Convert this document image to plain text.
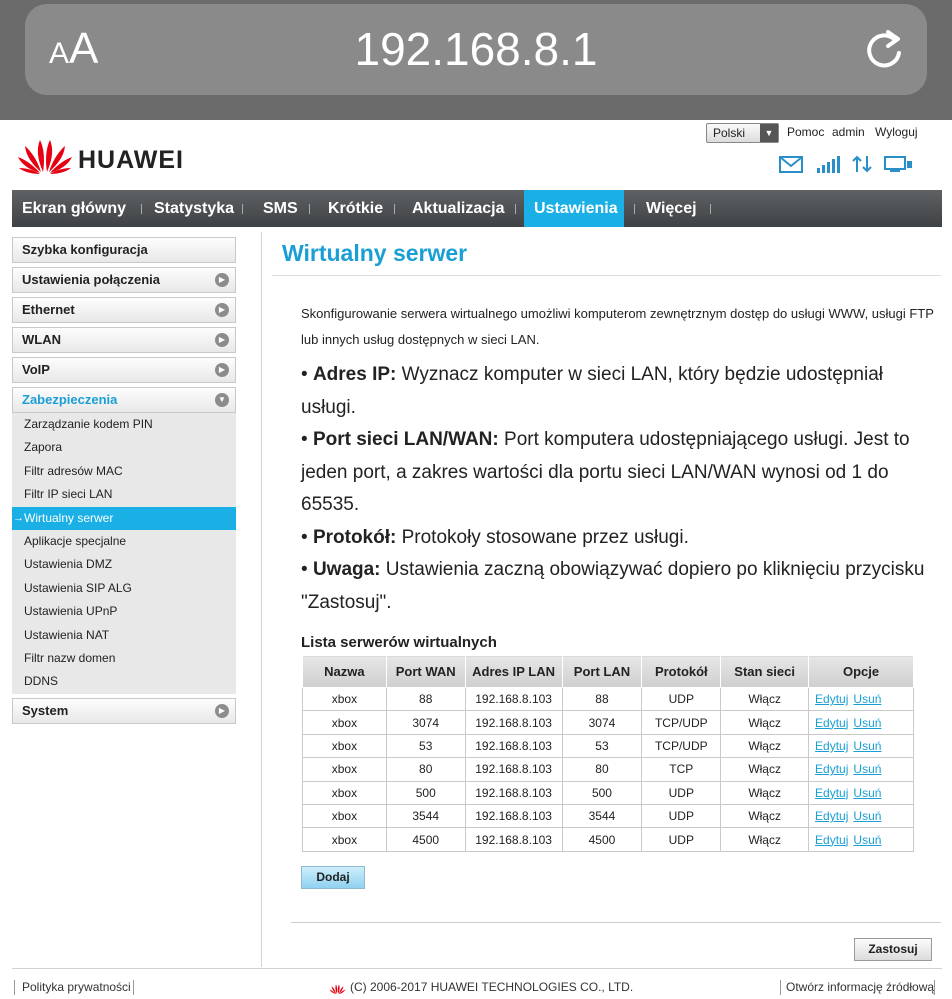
AA	192.168.8.1
HUAWEI
Polski	▼	Pomoc admin Wyloguj
Ekran główny	Statystyka	SMS	Krótkie	Aktualizacja	Ustawienia	Więcej
Szybka konfiguracja
Ustawienia połączenia	▶
Ethernet	▶
WLAN	▶
VoIP	▶
Zabezpieczenia	▼
Zarządzanie kodem PIN
Zapora
Filtr adresów MAC
Filtr IP sieci LAN
→ Wirtualny serwer
Aplikacje specjalne
Ustawienia DMZ
Ustawienia SIP ALG
Ustawienia UPnP
Ustawienia NAT
Filtr nazw domen
DDNS
System	▶
Wirtualny serwer
Skonfigurowanie serwera wirtualnego umożliwi komputerom zewnętrznym dostęp do usługi WWW, usługi FTP lub innych usług dostępnych w sieci LAN.

• Adres IP: Wyznacz komputer w sieci LAN, który będzie udostępniał usługi.

• Port sieci LAN/WAN: Port komputera udostępniającego usługi. Jest to jeden port, a zakres wartości dla portu sieci LAN/WAN wynosi od 1 do 65535.

• Protokół: Protokoły stosowane przez usługi.

• Uwaga: Ustawienia zaczną obowiązywać dopiero po kliknięciu przycisku "Zastosuj".

Lista serwerów wirtualnych
Nazwa	Port WAN	Adres IP LAN	Port LAN	Protokół	Stan sieci	Opcje
xbox	88	192.168.8.103	88	UDP	Włącz	Edytuj Usuń
xbox	3074	192.168.8.103	3074	TCP/UDP	Włącz	Edytuj Usuń
xbox	53	192.168.8.103	53	TCP/UDP	Włącz	Edytuj Usuń
xbox	80	192.168.8.103	80	TCP	Włącz	Edytuj Usuń
xbox	500	192.168.8.103	500	UDP	Włącz	Edytuj Usuń
xbox	3544	192.168.8.103	3544	UDP	Włącz	Edytuj Usuń
xbox	4500	192.168.8.103	4500	UDP	Włącz	Edytuj Usuń
Dodaj
Zastosuj
Polityka prywatności	(C) 2006-2017 HUAWEI TECHNOLOGIES CO., LTD.	Otwórz informację źródłową
